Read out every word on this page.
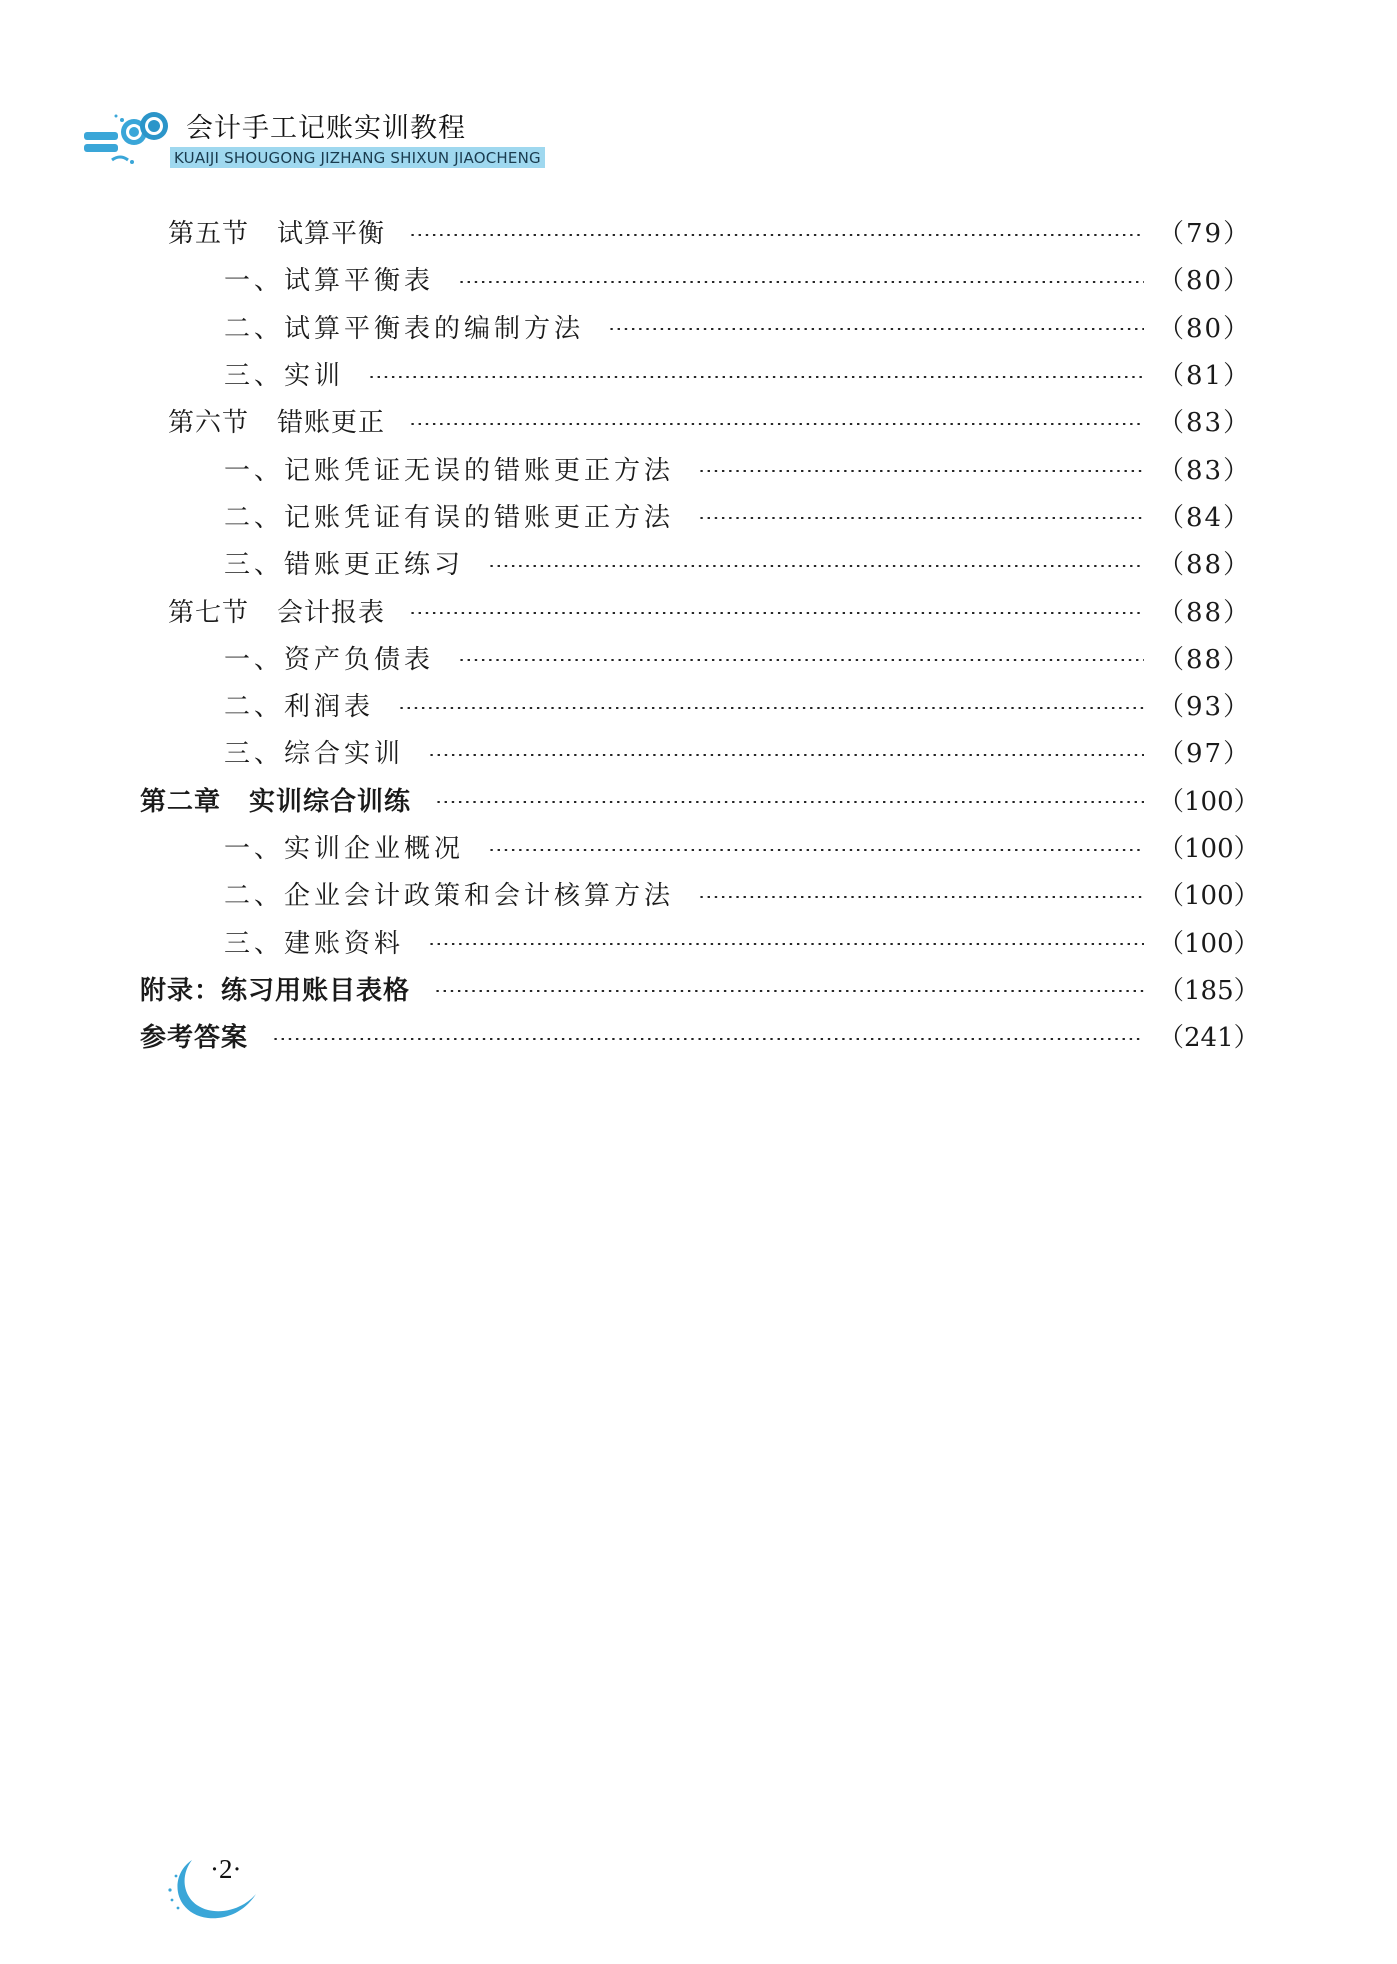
会计手工记账实训教程
KUAIJI SHOUGONG JIZHANG SHIXUN JIAOCHENG
第五节 试算平衡	（79）
一、试算平衡表	（80）
二、试算平衡表的编制方法	（80）
三、实训	（81）
第六节 错账更正	（83）
一、记账凭证无误的错账更正方法	（83）
二、记账凭证有误的错账更正方法	（84）
三、错账更正练习	（88）
第七节 会计报表	（88）
一、资产负债表	（88）
二、利润表	（93）
三、综合实训	（97）
第二章 实训综合训练	（100）
一、实训企业概况	（100）
二、企业会计政策和会计核算方法	（100）
三、建账资料	（100）
附录：练习用账目表格	（185）
参考答案	（241）
·2·
